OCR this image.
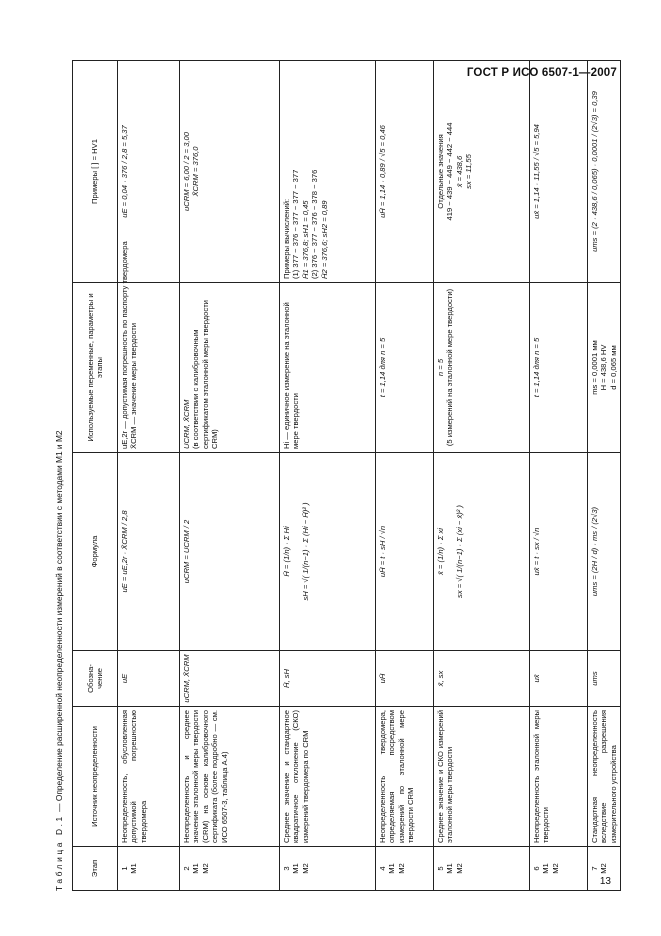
ГОСТ Р ИСО 6507-1—2007
Таблица D.1 — Определение расширенной неопределенности измерений в соответствии с методами М1 и М2
Этап	Источник неопределенности	Обозна-чение	Формула	Используемые переменные, параметры и этапы	Примеры [ ] = HV1

1 М1	Неопределенность, обусловленная допустимой погрешностью твердомера	uE	uE = uE,2r · X̄CRM / 2,8	uE,2r — допустимая погрешность по паспорту твердомера X̄CRM — значение меры твердости	uE = 0,04 · 376 / 2,8 = 5,37

2 М1 М2	Неопределенность и среднее значение эталонной меры твердости (CRM) на основе калибровочного сертификата (более подробно — см. ИСО 6507-3, таблица А.4)	uCRM, X̄CRM	uCRM = UCRM / 2	UCRM, X̄CRM (в соответствии с калибровочным сертификатом эталонной меры твердости CRM)	uCRM = 6,00 / 2 = 3,00 X̄CRM = 376,0

3 М1 М2	Среднее значение и стандартное квадратичное отклонение (СКО) измерений твердомера по CRM	H̄, sH	H̄ = (1/n) · Σ Hi sH = √( 1/(n−1) · Σ (Hi − H̄)² )	Hi — единичное измерение на эталонной мере твердости	Примеры вычислений: (1) 377 − 376 − 377 − 377 − 377 H̄1 = 376,8; sH1 = 0,45 (2) 376 − 377 − 376 − 378 − 376 H̄2 = 376,6; sH2 = 0,89

4 М1 М2	Неопределенность твердомера, определяемая посредством измерений по эталонной мере твердости CRM	uH̄	uH̄ = t · sH / √n	t = 1,14 для n = 5	uH̄ = 1,14 · 0,89 / √5 = 0,46

5 М1 М2	Среднее значение и СКО измерений эталонной меры твердости	x̄, sx	x̄ = (1/n) · Σ xi sx = √( 1/(n−1) · Σ (xi − x̄)² )	n = 5 (5 измерений на эталонной мере твердости)	Отдельные значения 419 − 439 − 449 − 442 − 444 x̄ = 438,6 sx = 11,55

6 М1 М2	Неопределенность эталонной меры твердости	ux̄	ux̄ = t · sx / √n	t = 1,14 для n = 5	ux̄ = 1,14 · 11,55 / √5 = 5,94

7 М2	Стандартная неопределенность вследствие разрешения измерительного устройства	ums	ums = (2H / d) · ms / (2√3)	ms = 0,0001 мм H = 438,6 HV d = 0,065 мм	ums = (2 · 438,6 / 0,065) · 0,0001 / (2√3) = 0,39
13
